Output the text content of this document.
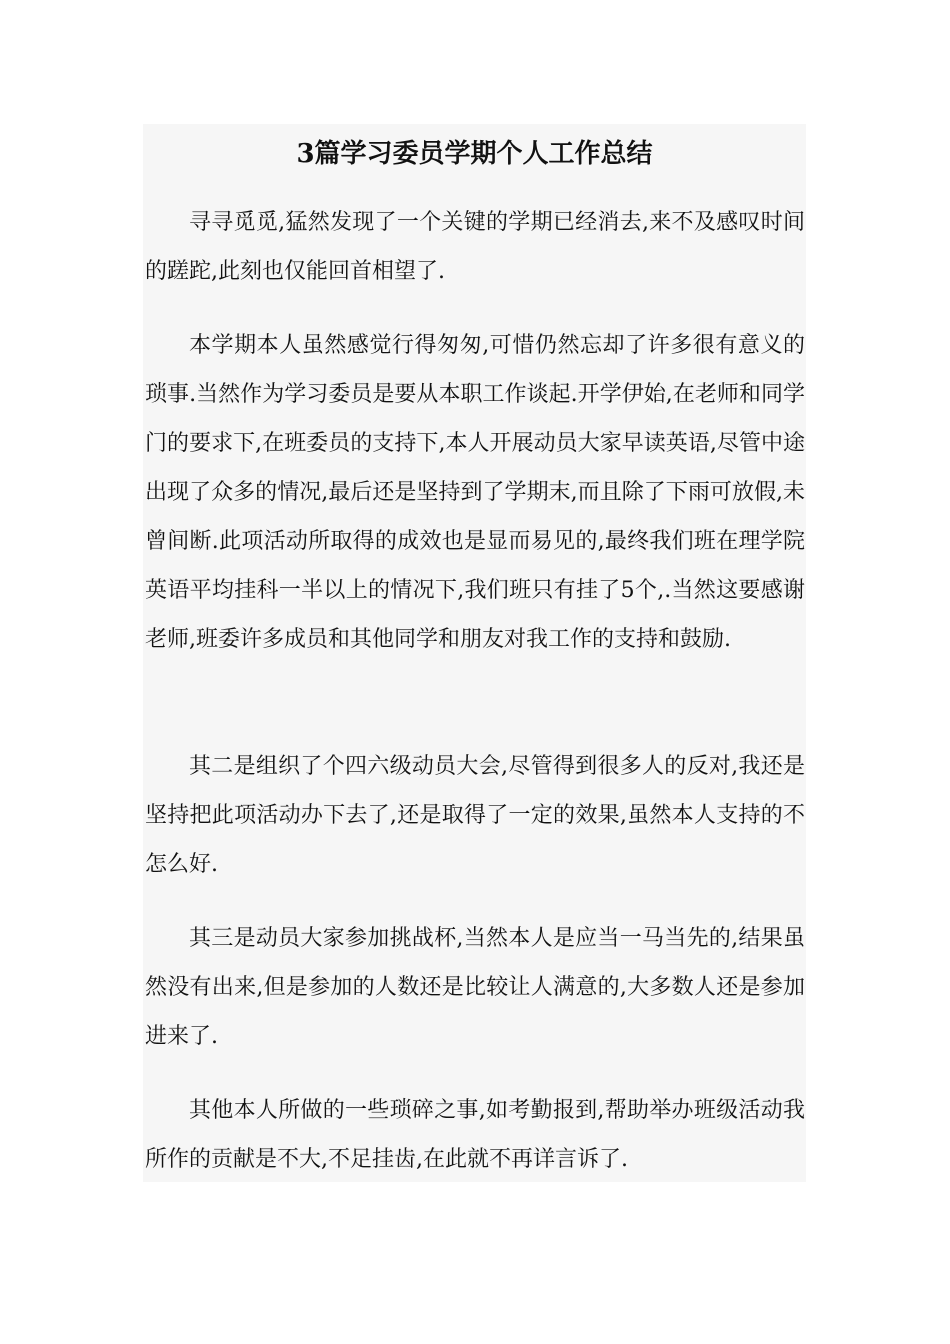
3篇学习委员学期个人工作总结

寻寻觅觅,猛然发现了一个关键的学期已经消去,来不及感叹时间的蹉跎,此刻也仅能回首相望了.

本学期本人虽然感觉行得匆匆,可惜仍然忘却了许多很有意义的琐事.当然作为学习委员是要从本职工作谈起.开学伊始,在老师和同学门的要求下,在班委员的支持下,本人开展动员大家早读英语,尽管中途出现了众多的情况,最后还是坚持到了学期末,而且除了下雨可放假,未曾间断.此项活动所取得的成效也是显而易见的,最终我们班在理学院英语平均挂科一半以上的情况下,我们班只有挂了5个,.当然这要感谢老师,班委许多成员和其他同学和朋友对我工作的支持和鼓励.

其二是组织了个四六级动员大会,尽管得到很多人的反对,我还是坚持把此项活动办下去了,还是取得了一定的效果,虽然本人支持的不怎么好.

其三是动员大家参加挑战杯,当然本人是应当一马当先的,结果虽然没有出来,但是参加的人数还是比较让人满意的,大多数人还是参加进来了.

其他本人所做的一些琐碎之事,如考勤报到,帮助举办班级活动我所作的贡献是不大,不足挂齿,在此就不再详言诉了.
